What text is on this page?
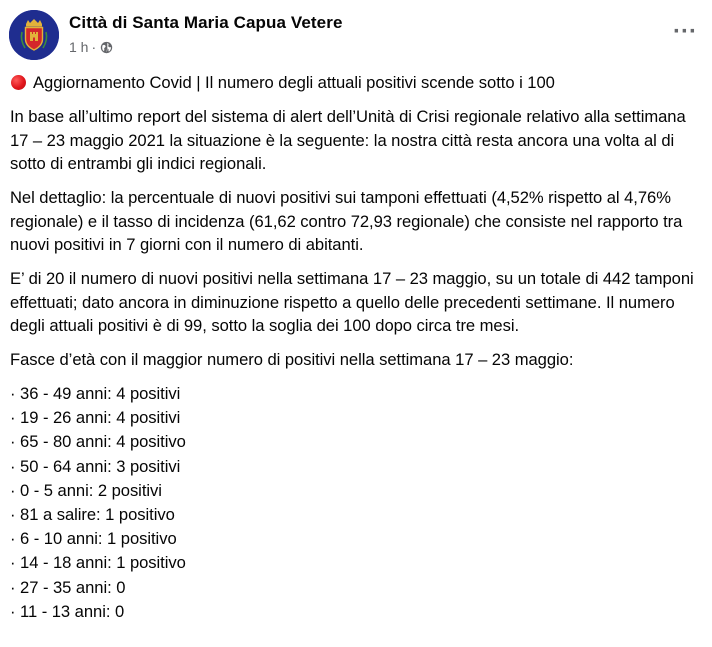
Città di Santa Maria Capua Vetere
1 h ·
···

Aggiornamento Covid | Il numero degli attuali positivi scende sotto i 100

In base all’ultimo report del sistema di alert dell’Unità di Crisi regionale relativo alla settimana 17 – 23 maggio 2021 la situazione è la seguente: la nostra città resta ancora una volta al di sotto di entrambi gli indici regionali.

Nel dettaglio: la percentuale di nuovi positivi sui tamponi effettuati (4,52% rispetto al 4,76% regionale) e il tasso di incidenza (61,62 contro 72,93 regionale) che consiste nel rapporto tra nuovi positivi in 7 giorni con il numero di abitanti.

E’ di 20 il numero di nuovi positivi nella settimana 17 – 23 maggio, su un totale di 442 tamponi effettuati; dato ancora in diminuzione rispetto a quello delle precedenti settimane. Il numero degli attuali positivi è di 99, sotto la soglia dei 100 dopo circa tre mesi.

Fasce d’età con il maggior numero di positivi nella settimana 17 – 23 maggio:

· 36 - 49 anni: 4 positivi
· 19 - 26 anni: 4 positivi
· 65 - 80 anni: 4 positivo
· 50 - 64 anni: 3 positivi
· 0 - 5 anni: 2 positivi
· 81 a salire: 1 positivo
· 6 - 10 anni: 1 positivo
· 14 - 18 anni: 1 positivo
· 27 - 35 anni: 0
· 11 - 13 anni: 0
